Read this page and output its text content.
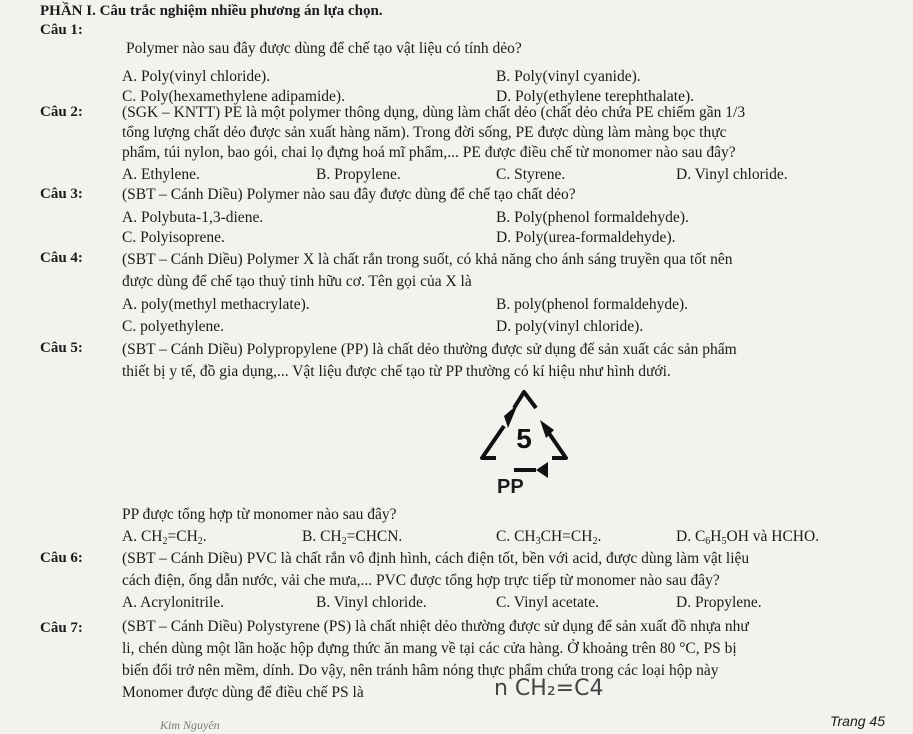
PHẦN I. Câu trắc nghiệm nhiều phương án lựa chọn.
Câu 1:
Polymer nào sau đây được dùng để chế tạo vật liệu có tính dẻo?
A. Poly(vinyl chloride).	B. Poly(vinyl cyanide).
C. Poly(hexamethylene adipamide).	D. Poly(ethylene terephthalate).
Câu 2:	(SGK – KNTT) PE là một polymer thông dụng, dùng làm chất dẻo (chất dẻo chứa PE chiếm gần 1/3
tổng lượng chất dẻo được sản xuất hàng năm). Trong đời sống, PE được dùng làm màng bọc thực
phẩm, túi nylon, bao gói, chai lọ đựng hoá mĩ phẩm,... PE được điều chế từ monomer nào sau đây?
A. Ethylene.	B. Propylene.	C. Styrene.	D. Vinyl chloride.
Câu 3:	(SBT – Cánh Diều) Polymer nào sau đây được dùng để chế tạo chất dẻo?
A. Polybuta-1,3-diene.	B. Poly(phenol formaldehyde).
C. Polyisoprene.	D. Poly(urea-formaldehyde).
Câu 4:	(SBT – Cánh Diều) Polymer X là chất rắn trong suốt, có khả năng cho ánh sáng truyền qua tốt nên
được dùng để chế tạo thuỷ tinh hữu cơ. Tên gọi của X là
A. poly(methyl methacrylate).	B. poly(phenol formaldehyde).
C. polyethylene.	D. poly(vinyl chloride).
Câu 5:	(SBT – Cánh Diều) Polypropylene (PP) là chất dẻo thường được sử dụng để sản xuất các sản phẩm
thiết bị y tế, đồ gia dụng,... Vật liệu được chế tạo từ PP thường có kí hiệu như hình dưới.
5
PP
PP được tổng hợp từ monomer nào sau đây?
A. $CH_2=CH_2$.	B. $CH_2=CHCN$.	C. $CH_3CH=CH_2$.	D. $C_6H_5OH$ và HCHO.
Câu 6:	(SBT – Cánh Diều) PVC là chất rắn vô định hình, cách điện tốt, bền với acid, được dùng làm vật liệu
cách điện, ống dẫn nước, vải che mưa,... PVC được tổng hợp trực tiếp từ monomer nào sau đây?
A. Acrylonitrile.	B. Vinyl chloride.	C. Vinyl acetate.	D. Propylene.
Câu 7:	(SBT – Cánh Diều) Polystyrene (PS) là chất nhiệt dẻo thường được sử dụng để sản xuất đồ nhựa như
li, chén dùng một lần hoặc hộp đựng thức ăn mang về tại các cửa hàng. Ở khoảng trên 80 °C, PS bị
biến đổi trở nên mềm, dính. Do vậy, nên tránh hâm nóng thực phẩm chứa trong các loại hộp này
Monomer được dùng để điều chế PS là	n CH₂=C4
Kim Nguyên	Trang 45
